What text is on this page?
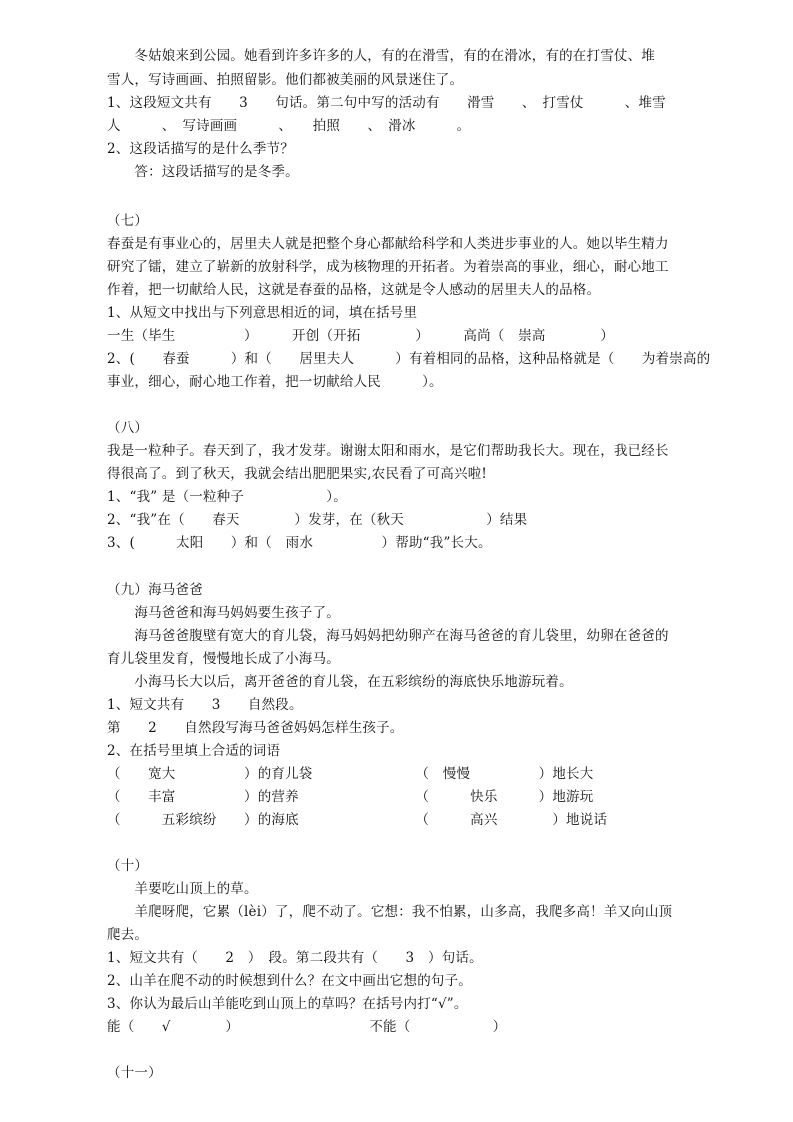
　　冬姑娘来到公园。她看到许多许多的人，有的在滑雪，有的在滑冰，有的在打雪仗、堆
雪人，写诗画画、拍照留影。他们都被美丽的风景迷住了。
1、这段短文共有　　3　　句话。第二句中写的活动有　　滑雪　　、　打雪仗　　　、堆雪
人　　　、　写诗画画　　　、　　拍照　　、　滑冰　　　。
2、这段话描写的是什么季节？
　　答：这段话描写的是冬季。
（七）
春蚕是有事业心的，居里夫人就是把整个身心都献给科学和人类进步事业的人。她以毕生精力
研究了镭，建立了崭新的放射科学，成为核物理的开拓者。为着崇高的事业，细心，耐心地工
作着，把一切献给人民，这就是春蚕的品格，这就是令人感动的居里夫人的品格。
1、从短文中找出与下列意思相近的词，填在括号里
一生（毕生　　　　　）　　　开创（开拓　　　　）　　　高尚（　崇高　　　　）
2、(　　春蚕　　　）和（　　居里夫人　　　）有着相同的品格，这种品格就是（　　为着崇高的
事业，细心，耐心地工作着，把一切献给人民　　　）。
（八）
我是一粒种子。春天到了，我才发芽。谢谢太阳和雨水，是它们帮助我长大。现在，我已经长
得很高了。到了秋天，我就会结出肥肥果实,农民看了可高兴啦!
1、“我” 是（一粒种子　　　　　　）。
2、“我”在（　　春天　　　　）发芽，在（秋天　　　　　　）结果
3、(　　　太阳　　）和（　雨水　　　　　）帮助“我”长大。
（九）海马爸爸
　　海马爸爸和海马妈妈要生孩子了。
　　海马爸爸腹壁有宽大的育儿袋，海马妈妈把幼卵产在海马爸爸的育儿袋里，幼卵在爸爸的
育儿袋里发育，慢慢地长成了小海马。
　　小海马长大以后，离开爸爸的育儿袋，在五彩缤纷的海底快乐地游玩着。
1、短文共有　　3　　自然段。
第　　2　　自然段写海马爸爸妈妈怎样生孩子。
2、在括号里填上合适的词语
（　　宽大　　　　　）的育儿袋　　　　　　　　（　慢慢　　　　　）地长大
（　　丰富　　　　　）的营养　　　　　　　　　（　　　快乐　　　）地游玩
（　　　五彩缤纷　　）的海底　　　　　　　　　（　　　高兴　　　　）地说话
（十）
　　羊要吃山顶上的草。
　　羊爬呀爬，它累（lèi）了，爬不动了。它想：我不怕累，山多高，我爬多高！羊又向山顶
爬去。
1、短文共有（　　2　）　段。第二段共有（　　3　）句话。
2、山羊在爬不动的时候想到什么？在文中画出它想的句子。
3、你认为最后山羊能吃到山顶上的草吗？在括号内打“√”。
能（　　√　　　　）　　　　　　　　　　不能（　　　　　　）
（十一）
